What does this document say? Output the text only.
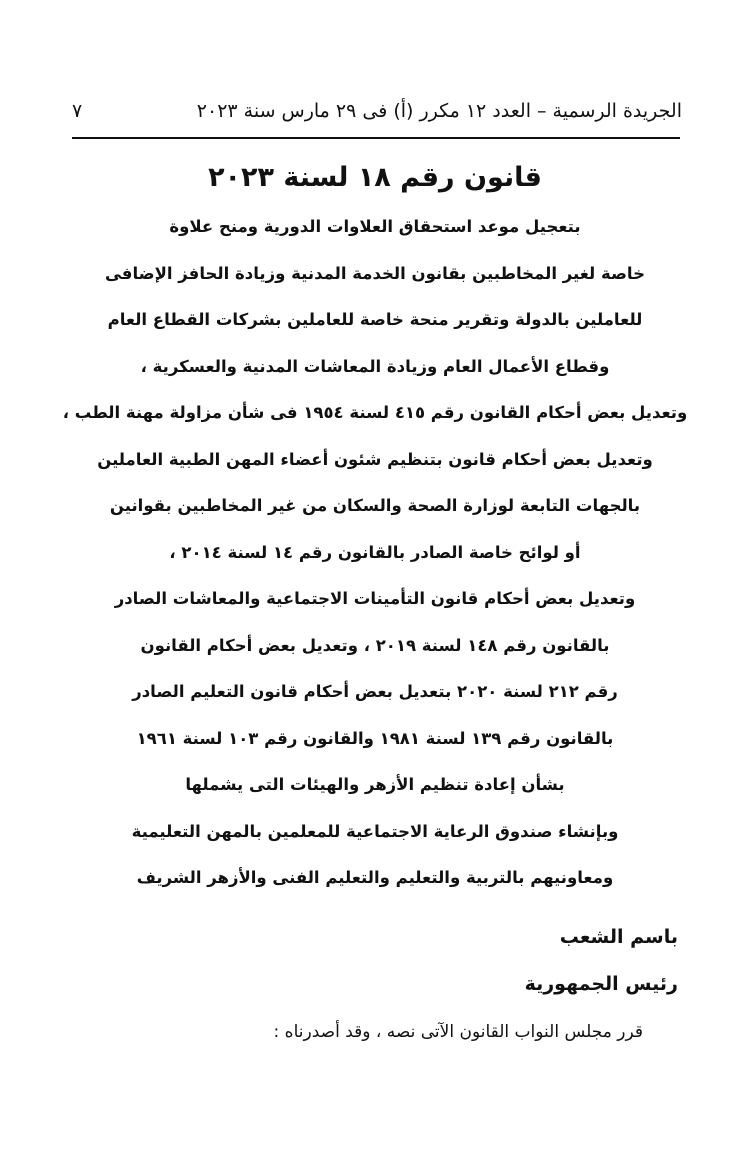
الجريدة الرسمية – العدد ١٢ مكرر (أ) فى ٢٩ مارس سنة ٢٠٢٣
٧
قانون رقم ١٨ لسنة ٢٠٢٣
بتعجيل موعد استحقاق العلاوات الدورية ومنح علاوة
خاصة لغير المخاطبين بقانون الخدمة المدنية وزيادة الحافز الإضافى
للعاملين بالدولة وتقرير منحة خاصة للعاملين بشركات القطاع العام
وقطاع الأعمال العام وزيادة المعاشات المدنية والعسكرية ،
وتعديل بعض أحكام القانون رقم ٤١٥ لسنة ١٩٥٤ فى شأن مزاولة مهنة الطب ،
وتعديل بعض أحكام قانون بتنظيم شئون أعضاء المهن الطبية العاملين
بالجهات التابعة لوزارة الصحة والسكان من غير المخاطبين بقوانين
أو لوائح خاصة الصادر بالقانون رقم ١٤ لسنة ٢٠١٤ ،
وتعديل بعض أحكام قانون التأمينات الاجتماعية والمعاشات الصادر
بالقانون رقم ١٤٨ لسنة ٢٠١٩ ، وتعديل بعض أحكام القانون
رقم ٢١٢ لسنة ٢٠٢٠ بتعديل بعض أحكام قانون التعليم الصادر
بالقانون رقم ١٣٩ لسنة ١٩٨١ والقانون رقم ١٠٣ لسنة ١٩٦١
بشأن إعادة تنظيم الأزهر والهيئات التى يشملها
وبإنشاء صندوق الرعاية الاجتماعية للمعلمين بالمهن التعليمية
ومعاونيهم بالتربية والتعليم والتعليم الفنى والأزهر الشريف
باسم الشعب
رئيس الجمهورية
قرر مجلس النواب القانون الآتى نصه ، وقد أصدرناه :
